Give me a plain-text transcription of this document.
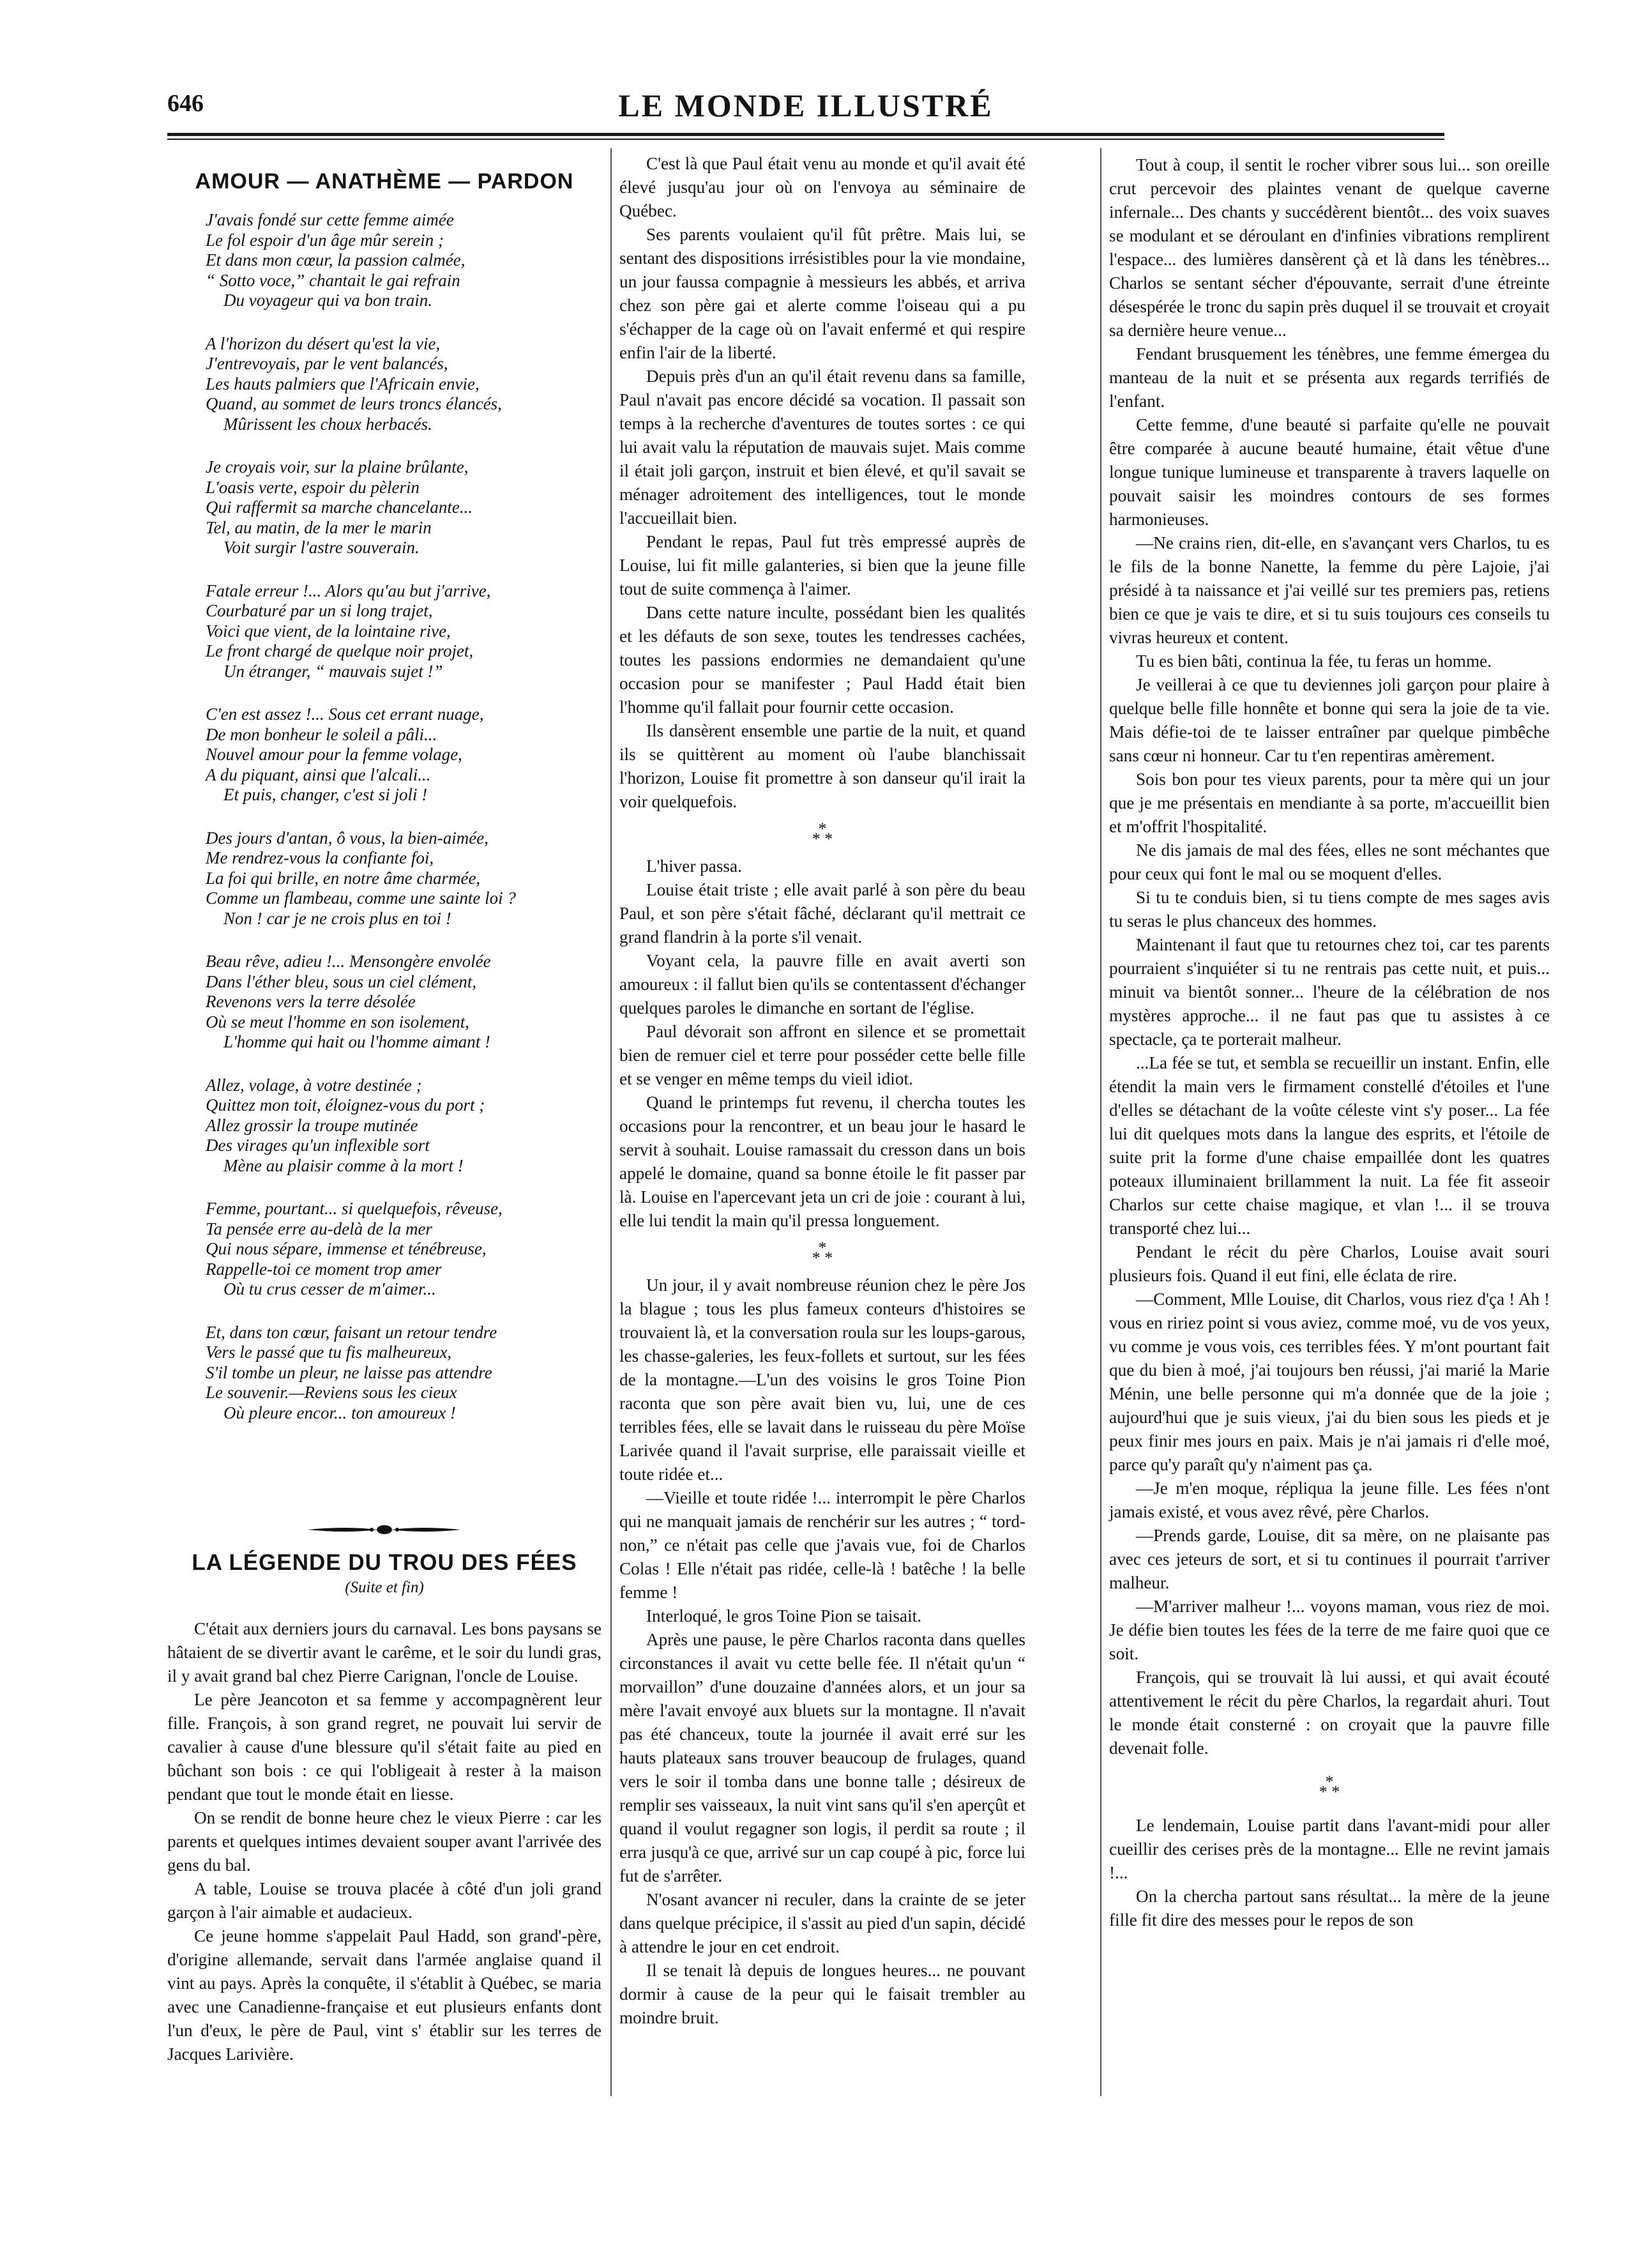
646	LE MONDE ILLUSTRÉ
AMOUR — ANATHÈME — PARDON
J'avais fondé sur cette femme aimée
Le fol espoir d'un âge mûr serein ;
Et dans mon cœur, la passion calmée,
“ Sotto voce,” chantait le gai refrain
Du voyageur qui va bon train.
A l'horizon du désert qu'est la vie,
J'entrevoyais, par le vent balancés,
Les hauts palmiers que l'Africain envie,
Quand, au sommet de leurs troncs élancés,
Mûrissent les choux herbacés.
Je croyais voir, sur la plaine brûlante,
L'oasis verte, espoir du pèlerin
Qui raffermit sa marche chancelante...
Tel, au matin, de la mer le marin
Voit surgir l'astre souverain.
Fatale erreur !... Alors qu'au but j'arrive,
Courbaturé par un si long trajet,
Voici que vient, de la lointaine rive,
Le front chargé de quelque noir projet,
Un étranger, “ mauvais sujet !”
C'en est assez !... Sous cet errant nuage,
De mon bonheur le soleil a pâli...
Nouvel amour pour la femme volage,
A du piquant, ainsi que l'alcali...
Et puis, changer, c'est si joli !
Des jours d'antan, ô vous, la bien-aimée,
Me rendrez-vous la confiante foi,
La foi qui brille, en notre âme charmée,
Comme un flambeau, comme une sainte loi ?
Non ! car je ne crois plus en toi !
Beau rêve, adieu !... Mensongère envolée
Dans l'éther bleu, sous un ciel clément,
Revenons vers la terre désolée
Où se meut l'homme en son isolement,
L'homme qui hait ou l'homme aimant !
Allez, volage, à votre destinée ;
Quittez mon toit, éloignez-vous du port ;
Allez grossir la troupe mutinée
Des virages qu'un inflexible sort
Mène au plaisir comme à la mort !
Femme, pourtant... si quelquefois, rêveuse,
Ta pensée erre au-delà de la mer
Qui nous sépare, immense et ténébreuse,
Rappelle-toi ce moment trop amer
Où tu crus cesser de m'aimer...
Et, dans ton cœur, faisant un retour tendre
Vers le passé que tu fis malheureux,
S'il tombe un pleur, ne laisse pas attendre
Le souvenir.—Reviens sous les cieux
Où pleure encor... ton amoureux !
LA LÉGENDE DU TROU DES FÉES
(Suite et fin)

C'était aux derniers jours du carnaval. Les bons paysans se hâtaient de se divertir avant le carême, et le soir du lundi gras, il y avait grand bal chez Pierre Carignan, l'oncle de Louise.

Le père Jeancoton et sa femme y accompagnèrent leur fille. François, à son grand regret, ne pouvait lui servir de cavalier à cause d'une blessure qu'il s'était faite au pied en bûchant son bois : ce qui l'obligeait à rester à la maison pendant que tout le monde était en liesse.

On se rendit de bonne heure chez le vieux Pierre : car les parents et quelques intimes devaient souper avant l'arrivée des gens du bal.

A table, Louise se trouva placée à côté d'un joli grand garçon à l'air aimable et audacieux.

Ce jeune homme s'appelait Paul Hadd, son grand'-père, d'origine allemande, servait dans l'armée anglaise quand il vint au pays. Après la conquête, il s'établit à Québec, se maria avec une Canadienne-française et eut plusieurs enfants dont l'un d'eux, le père de Paul, vint s' établir sur les terres de Jacques Larivière.

C'est là que Paul était venu au monde et qu'il avait été élevé jusqu'au jour où on l'envoya au séminaire de Québec.

Ses parents voulaient qu'il fût prêtre. Mais lui, se sentant des dispositions irrésistibles pour la vie mondaine, un jour faussa compagnie à messieurs les abbés, et arriva chez son père gai et alerte comme l'oiseau qui a pu s'échapper de la cage où on l'avait enfermé et qui respire enfin l'air de la liberté.

Depuis près d'un an qu'il était revenu dans sa famille, Paul n'avait pas encore décidé sa vocation. Il passait son temps à la recherche d'aventures de toutes sortes : ce qui lui avait valu la réputation de mauvais sujet. Mais comme il était joli garçon, instruit et bien élevé, et qu'il savait se ménager adroitement des intelligences, tout le monde l'accueillait bien.

Pendant le repas, Paul fut très empressé auprès de Louise, lui fit mille galanteries, si bien que la jeune fille tout de suite commença à l'aimer.

Dans cette nature inculte, possédant bien les qualités et les défauts de son sexe, toutes les tendresses cachées, toutes les passions endormies ne demandaient qu'une occasion pour se manifester ; Paul Hadd était bien l'homme qu'il fallait pour fournir cette occasion.

Ils dansèrent ensemble une partie de la nuit, et quand ils se quittèrent au moment où l'aube blanchissait l'horizon, Louise fit promettre à son danseur qu'il irait la voir quelquefois.

*
* *

L'hiver passa.

Louise était triste ; elle avait parlé à son père du beau Paul, et son père s'était fâché, déclarant qu'il mettrait ce grand flandrin à la porte s'il venait.

Voyant cela, la pauvre fille en avait averti son amoureux : il fallut bien qu'ils se contentassent d'échanger quelques paroles le dimanche en sortant de l'église.

Paul dévorait son affront en silence et se promettait bien de remuer ciel et terre pour posséder cette belle fille et se venger en même temps du vieil idiot.

Quand le printemps fut revenu, il chercha toutes les occasions pour la rencontrer, et un beau jour le hasard le servit à souhait. Louise ramassait du cresson dans un bois appelé le domaine, quand sa bonne étoile le fit passer par là. Louise en l'apercevant jeta un cri de joie : courant à lui, elle lui tendit la main qu'il pressa longuement.

*
* *

Un jour, il y avait nombreuse réunion chez le père Jos la blague ; tous les plus fameux conteurs d'histoires se trouvaient là, et la conversation roula sur les loups-garous, les chasse-galeries, les feux-follets et surtout, sur les fées de la montagne.—L'un des voisins le gros Toine Pion raconta que son père avait bien vu, lui, une de ces terribles fées, elle se lavait dans le ruisseau du père Moïse Larivée quand il l'avait surprise, elle paraissait vieille et toute ridée et...

—Vieille et toute ridée !... interrompit le père Charlos qui ne manquait jamais de renchérir sur les autres ; “ tord-non,” ce n'était pas celle que j'avais vue, foi de Charlos Colas ! Elle n'était pas ridée, celle-là ! batêche ! la belle femme !

Interloqué, le gros Toine Pion se taisait.

Après une pause, le père Charlos raconta dans quelles circonstances il avait vu cette belle fée. Il n'était qu'un “ morvaillon” d'une douzaine d'années alors, et un jour sa mère l'avait envoyé aux bluets sur la montagne. Il n'avait pas été chanceux, toute la journée il avait erré sur les hauts plateaux sans trouver beaucoup de frulages, quand vers le soir il tomba dans une bonne talle ; désireux de remplir ses vaisseaux, la nuit vint sans qu'il s'en aperçût et quand il voulut regagner son logis, il perdit sa route ; il erra jusqu'à ce que, arrivé sur un cap coupé à pic, force lui fut de s'arrêter.

N'osant avancer ni reculer, dans la crainte de se jeter dans quelque précipice, il s'assit au pied d'un sapin, décidé à attendre le jour en cet endroit.

Il se tenait là depuis de longues heures... ne pouvant dormir à cause de la peur qui le faisait trembler au moindre bruit.

Tout à coup, il sentit le rocher vibrer sous lui... son oreille crut percevoir des plaintes venant de quelque caverne infernale... Des chants y succédèrent bientôt... des voix suaves se modulant et se déroulant en d'infinies vibrations remplirent l'espace... des lumières dansèrent çà et là dans les ténèbres... Charlos se sentant sécher d'épouvante, serrait d'une étreinte désespérée le tronc du sapin près duquel il se trouvait et croyait sa dernière heure venue...

Fendant brusquement les ténèbres, une femme émergea du manteau de la nuit et se présenta aux regards terrifiés de l'enfant.

Cette femme, d'une beauté si parfaite qu'elle ne pouvait être comparée à aucune beauté humaine, était vêtue d'une longue tunique lumineuse et transparente à travers laquelle on pouvait saisir les moindres contours de ses formes harmonieuses.

—Ne crains rien, dit-elle, en s'avançant vers Charlos, tu es le fils de la bonne Nanette, la femme du père Lajoie, j'ai présidé à ta naissance et j'ai veillé sur tes premiers pas, retiens bien ce que je vais te dire, et si tu suis toujours ces conseils tu vivras heureux et content.

Tu es bien bâti, continua la fée, tu feras un homme.

Je veillerai à ce que tu deviennes joli garçon pour plaire à quelque belle fille honnête et bonne qui sera la joie de ta vie. Mais défie-toi de te laisser entraîner par quelque pimbêche sans cœur ni honneur. Car tu t'en repentiras amèrement.

Sois bon pour tes vieux parents, pour ta mère qui un jour que je me présentais en mendiante à sa porte, m'accueillit bien et m'offrit l'hospitalité.

Ne dis jamais de mal des fées, elles ne sont méchantes que pour ceux qui font le mal ou se moquent d'elles.

Si tu te conduis bien, si tu tiens compte de mes sages avis tu seras le plus chanceux des hommes.

Maintenant il faut que tu retournes chez toi, car tes parents pourraient s'inquiéter si tu ne rentrais pas cette nuit, et puis... minuit va bientôt sonner... l'heure de la célébration de nos mystères approche... il ne faut pas que tu assistes à ce spectacle, ça te porterait malheur.

...La fée se tut, et sembla se recueillir un instant. Enfin, elle étendit la main vers le firmament constellé d'étoiles et l'une d'elles se détachant de la voûte céleste vint s'y poser... La fée lui dit quelques mots dans la langue des esprits, et l'étoile de suite prit la forme d'une chaise empaillée dont les quatres poteaux illuminaient brillamment la nuit. La fée fit asseoir Charlos sur cette chaise magique, et vlan !... il se trouva transporté chez lui...

Pendant le récit du père Charlos, Louise avait souri plusieurs fois. Quand il eut fini, elle éclata de rire.

—Comment, Mlle Louise, dit Charlos, vous riez d'ça ! Ah ! vous en ririez point si vous aviez, comme moé, vu de vos yeux, vu comme je vous vois, ces terribles fées. Y m'ont pourtant fait que du bien à moé, j'ai toujours ben réussi, j'ai marié la Marie Ménin, une belle personne qui m'a donnée que de la joie ; aujourd'hui que je suis vieux, j'ai du bien sous les pieds et je peux finir mes jours en paix. Mais je n'ai jamais ri d'elle moé, parce qu'y paraît qu'y n'aiment pas ça.

—Je m'en moque, répliqua la jeune fille. Les fées n'ont jamais existé, et vous avez rêvé, père Charlos.

—Prends garde, Louise, dit sa mère, on ne plaisante pas avec ces jeteurs de sort, et si tu continues il pourrait t'arriver malheur.

—M'arriver malheur !... voyons maman, vous riez de moi. Je défie bien toutes les fées de la terre de me faire quoi que ce soit.

François, qui se trouvait là lui aussi, et qui avait écouté attentivement le récit du père Charlos, la regardait ahuri. Tout le monde était consterné : on croyait que la pauvre fille devenait folle.

*
* *

Le lendemain, Louise partit dans l'avant-midi pour aller cueillir des cerises près de la montagne... Elle ne revint jamais !...

On la chercha partout sans résultat... la mère de la jeune fille fit dire des messes pour le repos de son
